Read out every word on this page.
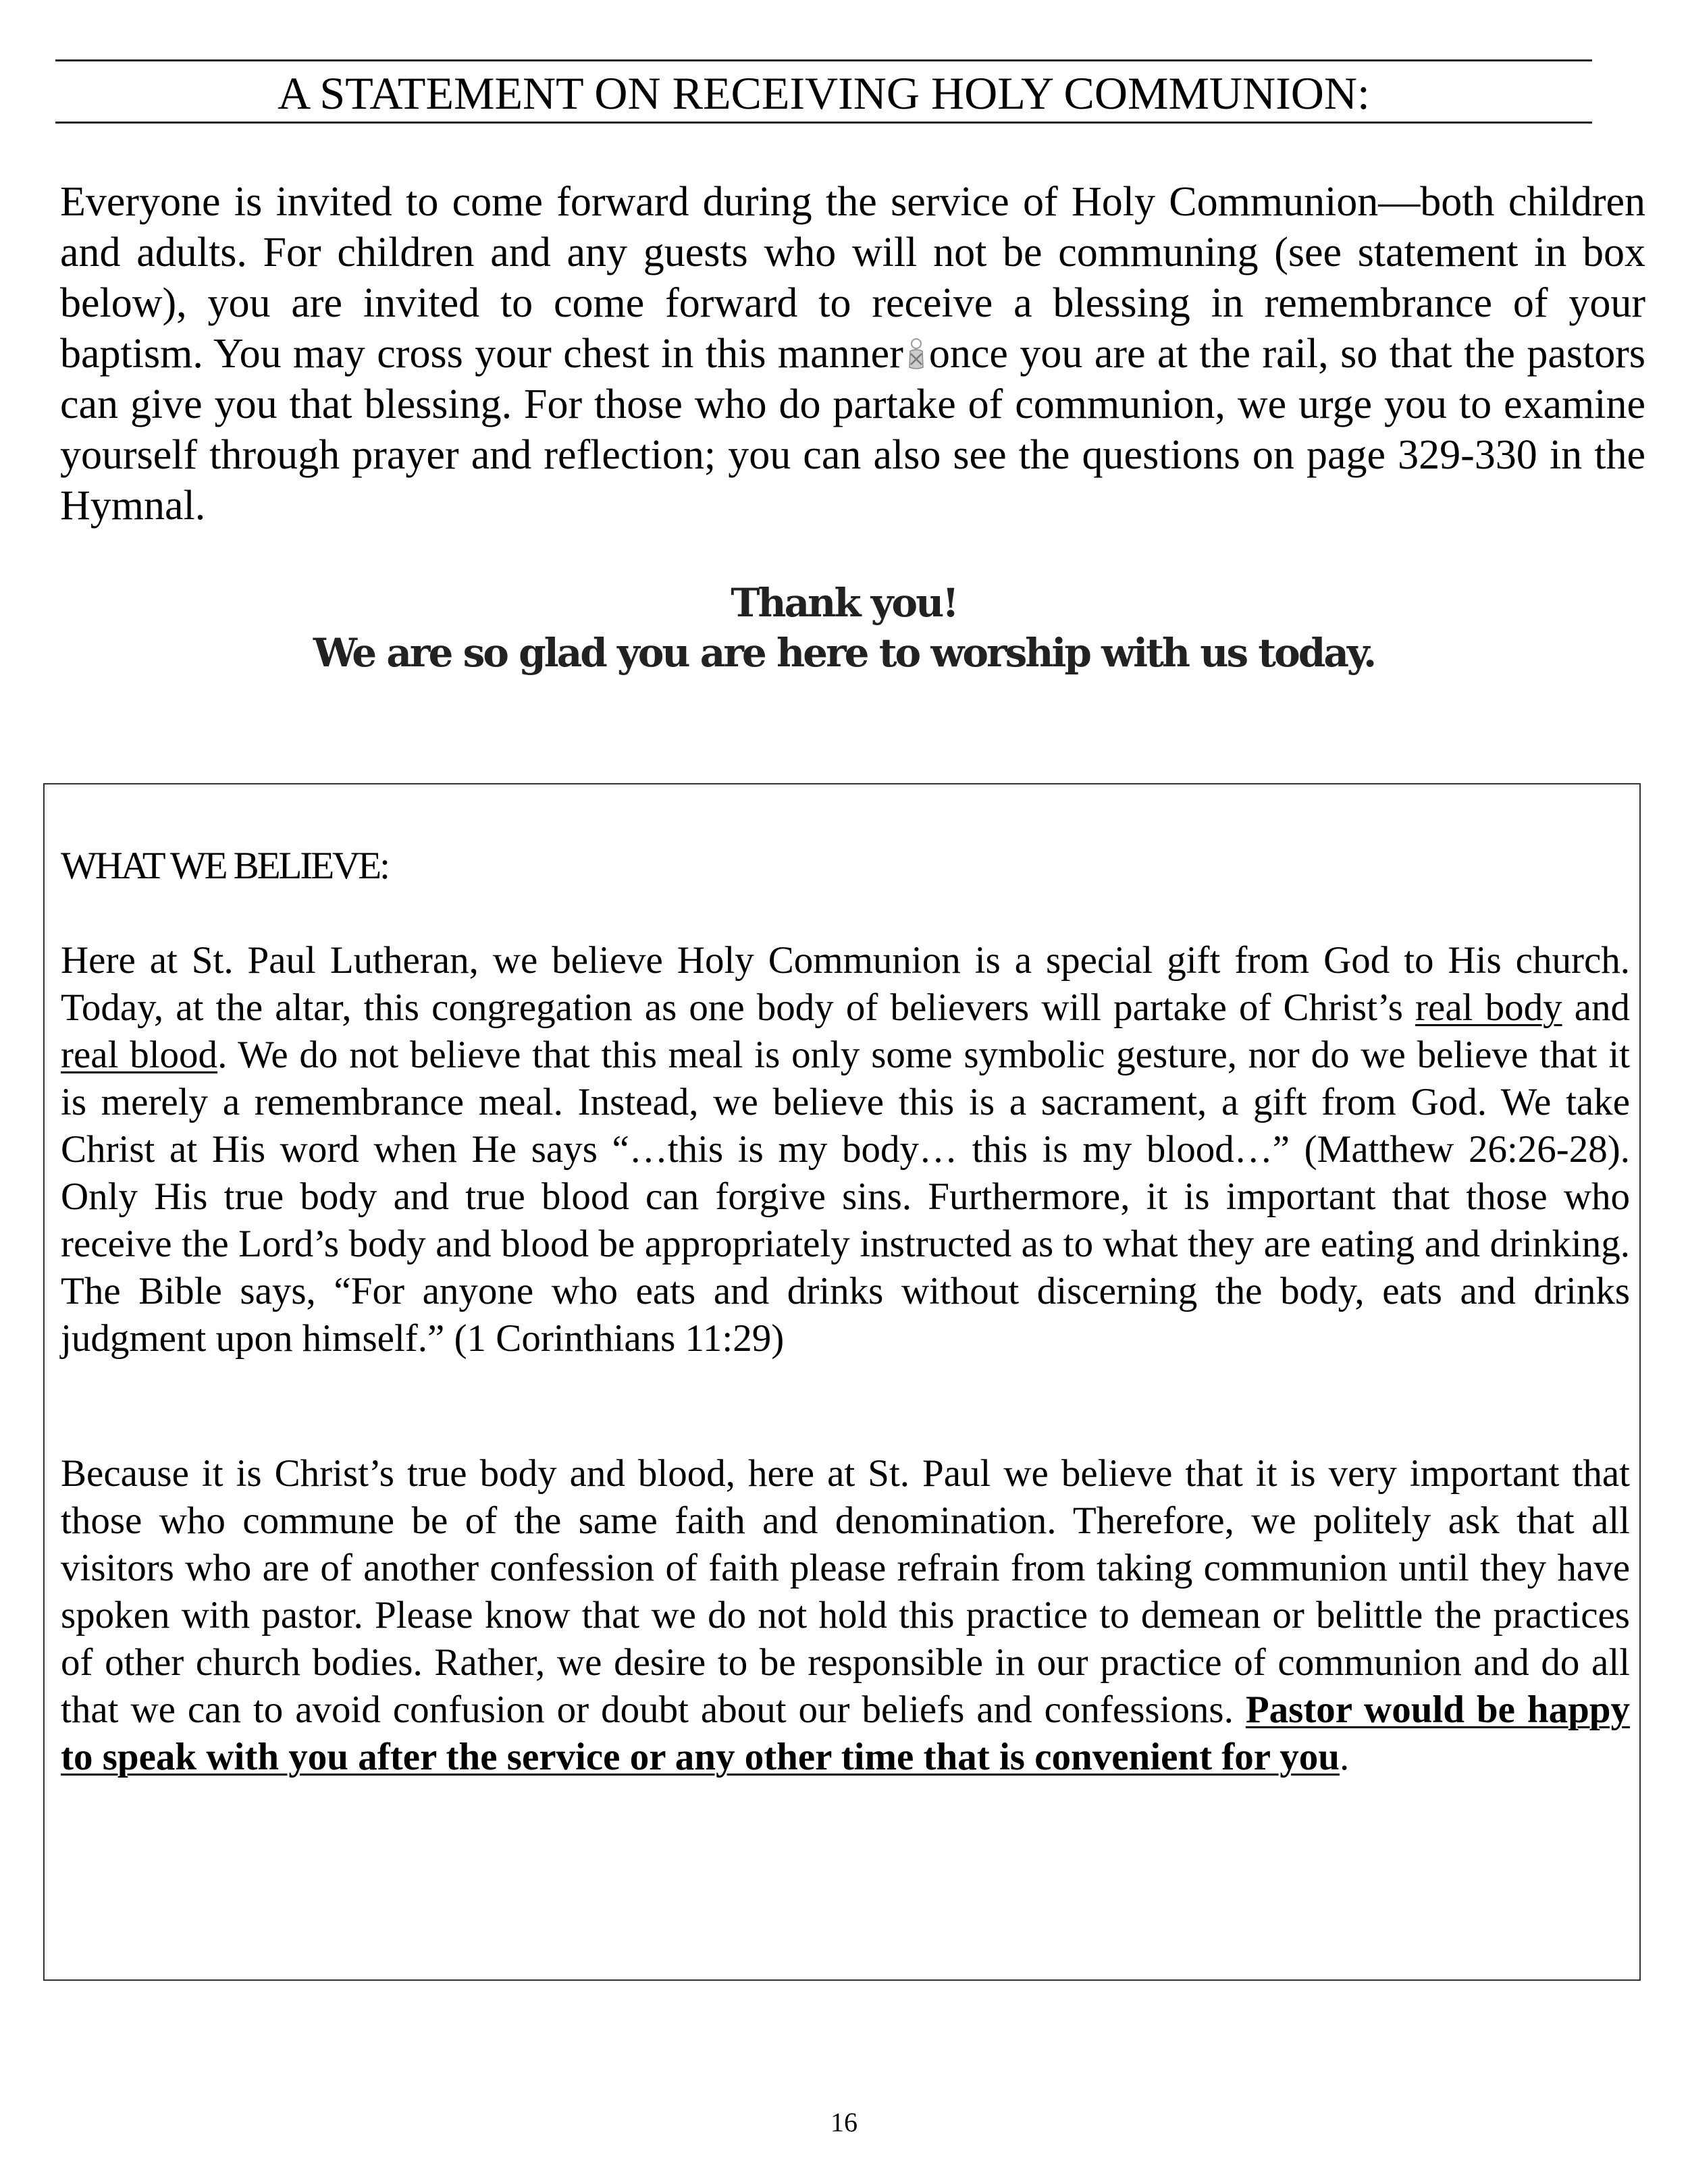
A STATEMENT ON RECEIVING HOLY COMMUNION:
Everyone is invited to come forward during the service of Holy Communion—both children and adults. For children and any guests who will not be communing (see statement in box below), you are invited to come forward to receive a blessing in remembrance of your baptism. You may cross your chest in this manner once you are at the rail, so that the pastors can give you that blessing. For those who do partake of communion, we urge you to examine yourself through prayer and reflection; you can also see the questions on page 329-330 in the Hymnal.
Thank you!
We are so glad you are here to worship with us today.
WHAT WE BELIEVE:
Here at St. Paul Lutheran, we believe Holy Communion is a special gift from God to His church. Today, at the altar, this congregation as one body of believers will partake of Christ’s real body and real blood. We do not believe that this meal is only some symbolic gesture, nor do we believe that it is merely a remembrance meal. Instead, we believe this is a sacrament, a gift from God. We take Christ at His word when He says “…this is my body… this is my blood…” (Matthew 26:26-28). Only His true body and true blood can forgive sins. Furthermore, it is important that those who receive the Lord’s body and blood be appropriately instructed as to what they are eating and drinking. The Bible says, “For anyone who eats and drinks without discerning the body, eats and drinks judgment upon himself.” (1 Corinthians 11:29)
Because it is Christ’s true body and blood, here at St. Paul we believe that it is very important that those who commune be of the same faith and denomination. Therefore, we politely ask that all visitors who are of another confession of faith please refrain from taking communion until they have spoken with pastor. Please know that we do not hold this practice to demean or belittle the practices of other church bodies. Rather, we desire to be responsible in our practice of communion and do all that we can to avoid confusion or doubt about our beliefs and confessions. Pastor would be happy to speak with you after the service or any other time that is convenient for you.
16
